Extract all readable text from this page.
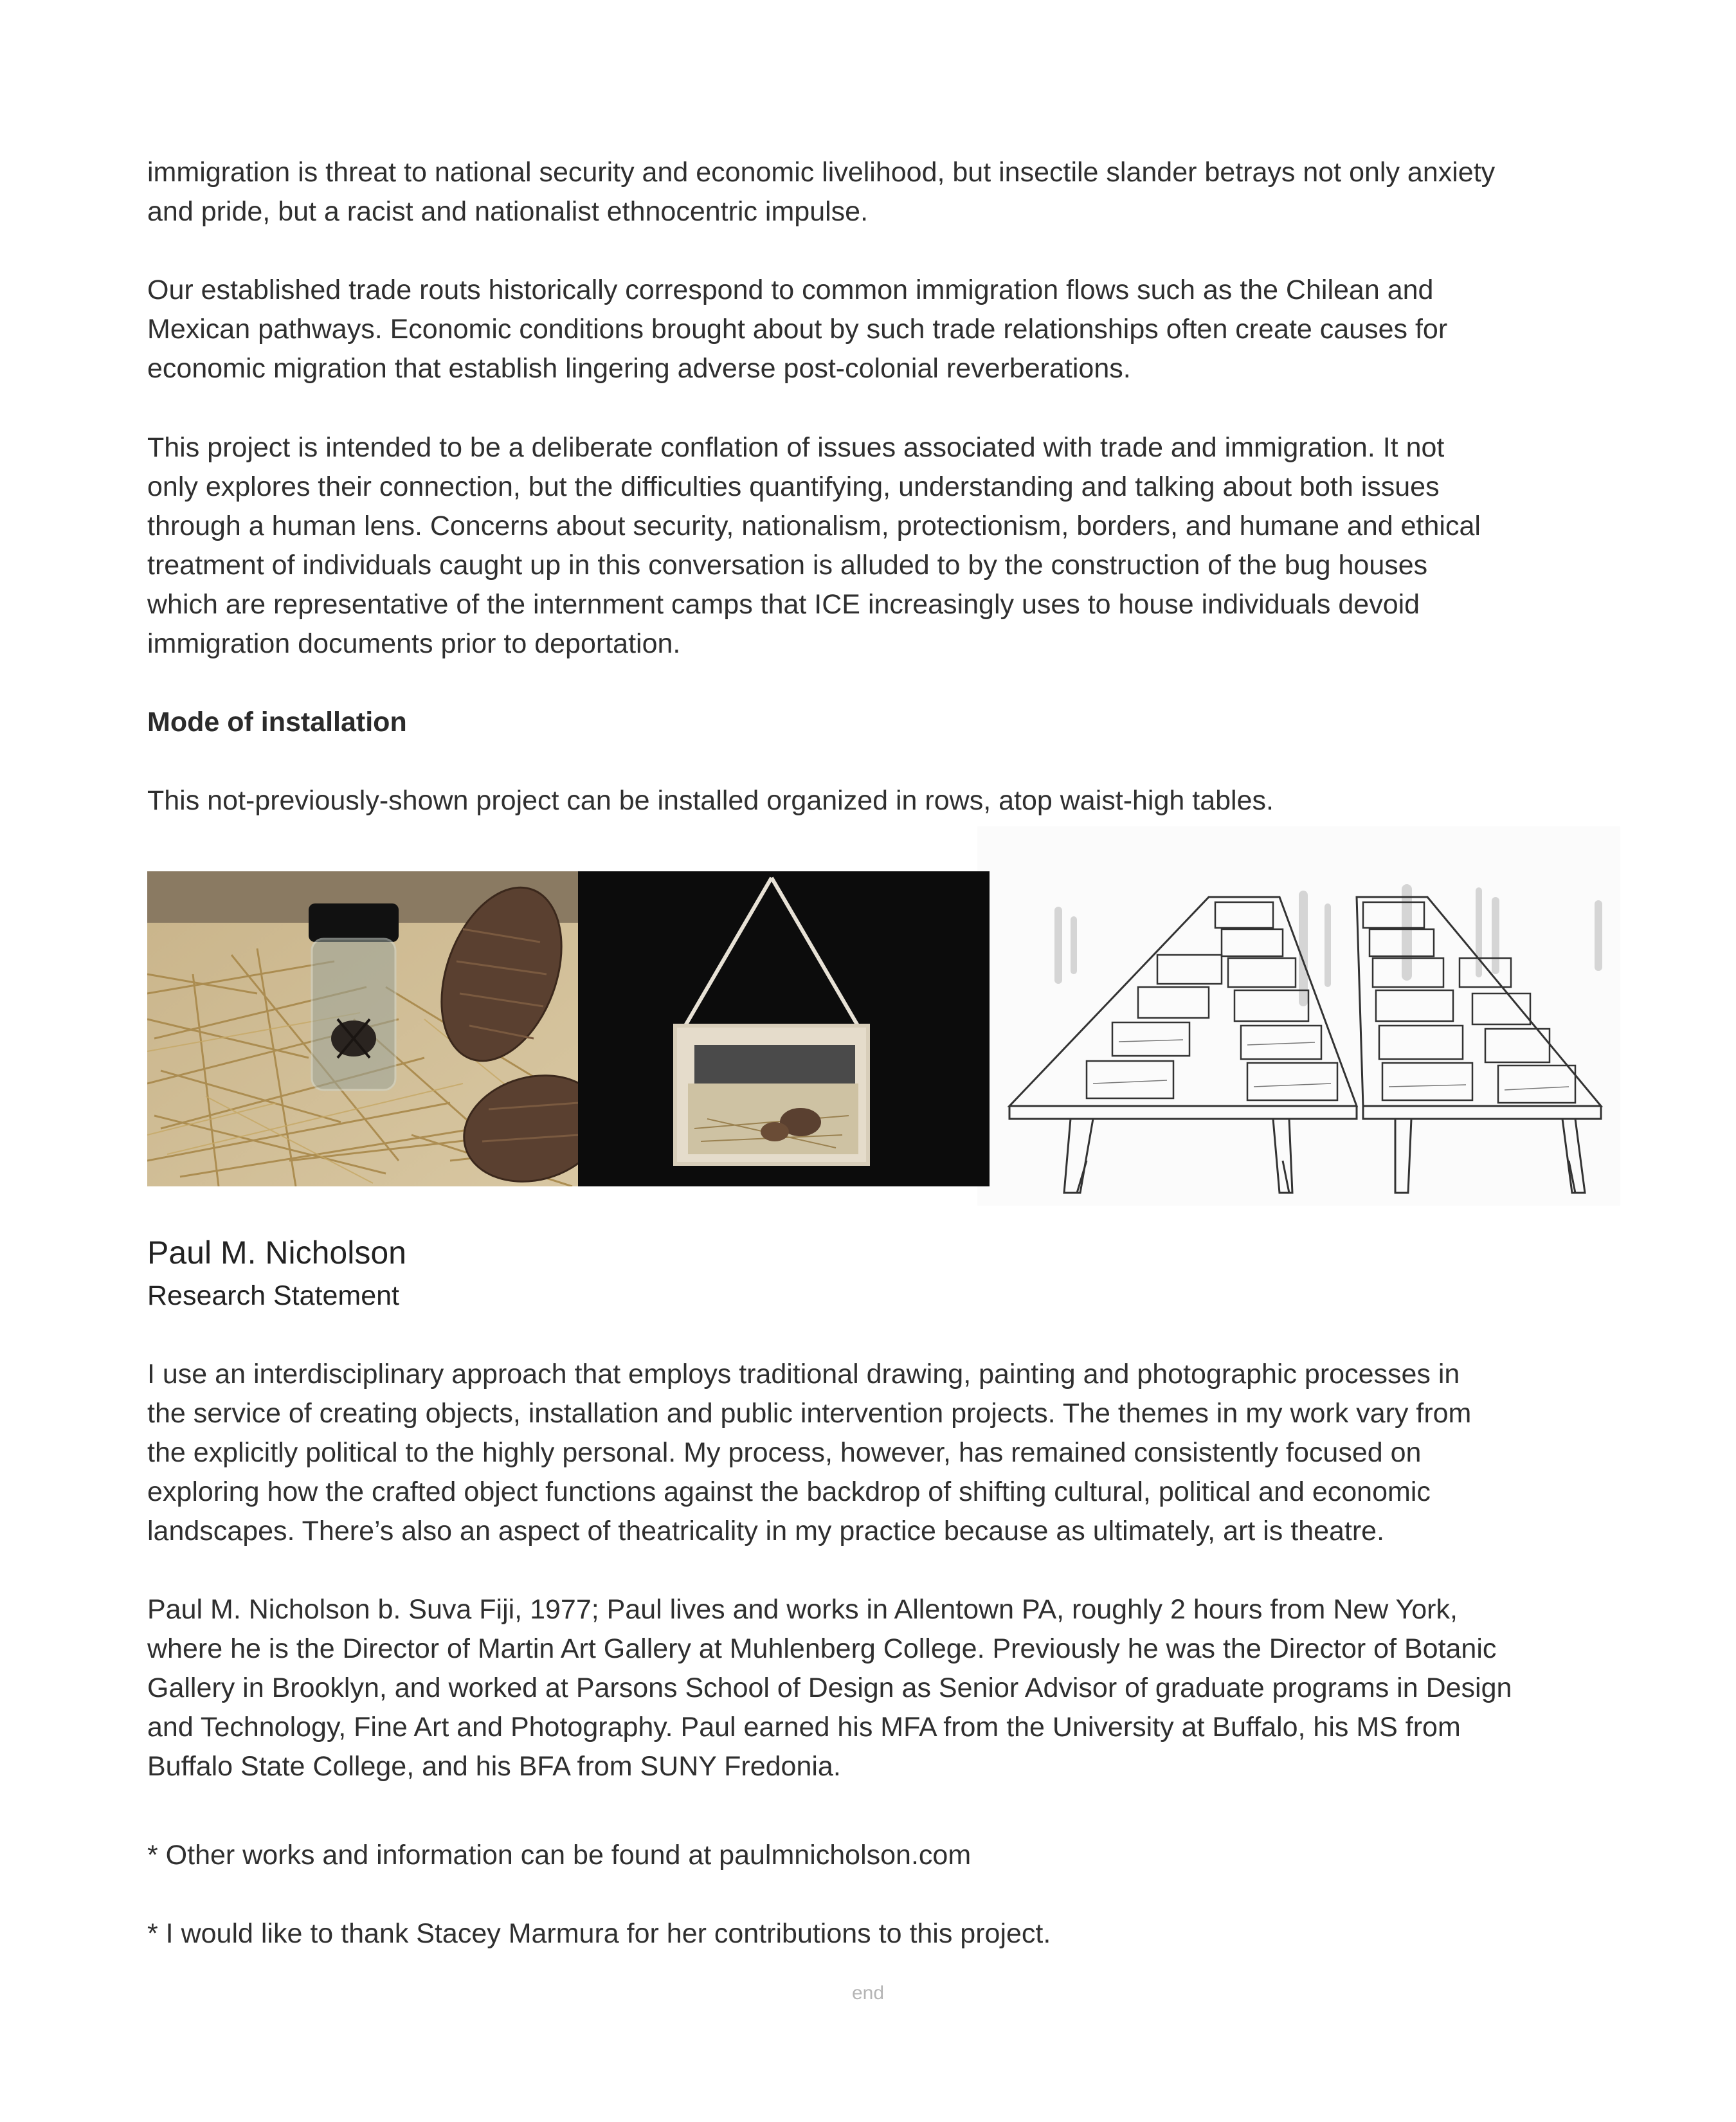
immigration is threat to national security and economic livelihood, but insectile slander betrays not only anxiety
and pride, but a racist and nationalist ethnocentric impulse.

Our established trade routs historically correspond to common immigration flows such as the Chilean and
Mexican pathways. Economic conditions brought about by such trade relationships often create causes for
economic migration that establish lingering adverse post-colonial reverberations.

This project is intended to be a deliberate conflation of issues associated with trade and immigration. It not
only explores their connection, but the difficulties quantifying, understanding and talking about both issues
through a human lens. Concerns about security, nationalism, protectionism, borders, and humane and ethical
treatment of individuals caught up in this conversation is alluded to by the construction of the bug houses
which are representative of the internment camps that ICE increasingly uses to house individuals devoid
immigration documents prior to deportation.

Mode of installation

This not-previously-shown project can be installed organized in rows, atop waist-high tables.

Paul M. Nicholson

Research Statement

I use an interdisciplinary approach that employs traditional drawing, painting and photographic processes in
the service of creating objects, installation and public intervention projects. The themes in my work vary from
the explicitly political to the highly personal. My process, however, has remained consistently focused on
exploring how the crafted object functions against the backdrop of shifting cultural, political and economic
landscapes. There’s also an aspect of theatricality in my practice because as ultimately, art is theatre.

Paul M. Nicholson b. Suva Fiji, 1977; Paul lives and works in Allentown PA, roughly 2 hours from New York,
where he is the Director of Martin Art Gallery at Muhlenberg College. Previously he was the Director of Botanic
Gallery in Brooklyn, and worked at Parsons School of Design as Senior Advisor of graduate programs in Design
and Technology, Fine Art and Photography. Paul earned his MFA from the University at Buffalo, his MS from
Buffalo State College, and his BFA from SUNY Fredonia.

* Other works and information can be found at paulmnicholson.com

* I would like to thank Stacey Marmura for her contributions to this project.

end
